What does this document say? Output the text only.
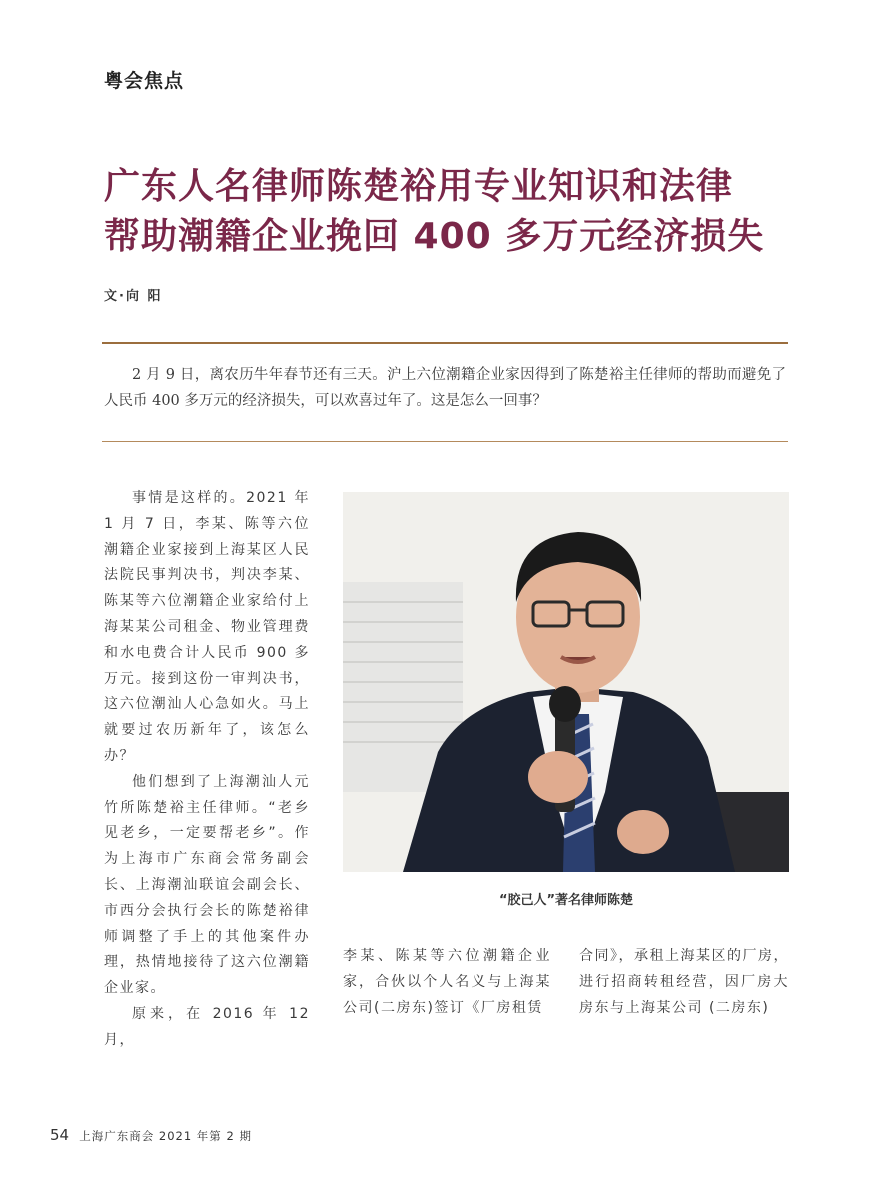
粤会焦点
广东人名律师陈楚裕用专业知识和法律
帮助潮籍企业挽回 400 多万元经济损失
文·向 阳
2 月 9 日，离农历牛年春节还有三天。沪上六位潮籍企业家因得到了陈楚裕主任律师的帮助而避免了人民币 400 多万元的经济损失，可以欢喜过年了。这是怎么一回事？

事情是这样的。2021 年 1 月 7 日，李某、陈等六位潮籍企业家接到上海某区人民法院民事判决书，判决李某、陈某等六位潮籍企业家给付上海某某公司租金、物业管理费和水电费合计人民币 900 多万元。接到这份一审判决书，这六位潮汕人心急如火。马上就要过农历新年了，该怎么办？

他们想到了上海潮汕人元竹所陈楚裕主任律师。“老乡见老乡，一定要帮老乡”。作为上海市广东商会常务副会长、上海潮汕联谊会副会长、市西分会执行会长的陈楚裕律师调整了手上的其他案件办理，热情地接待了这六位潮籍企业家。

原来，在 2016 年 12 月，

“胶己人”著名律师陈楚

李某、陈某等六位潮籍企业家，合伙以个人名义与上海某公司(二房东)签订《厂房租赁

合同》，承租上海某区的厂房，进行招商转租经营，因厂房大房东与上海某公司 (二房东)

54 上海广东商会 2021 年第 2 期
